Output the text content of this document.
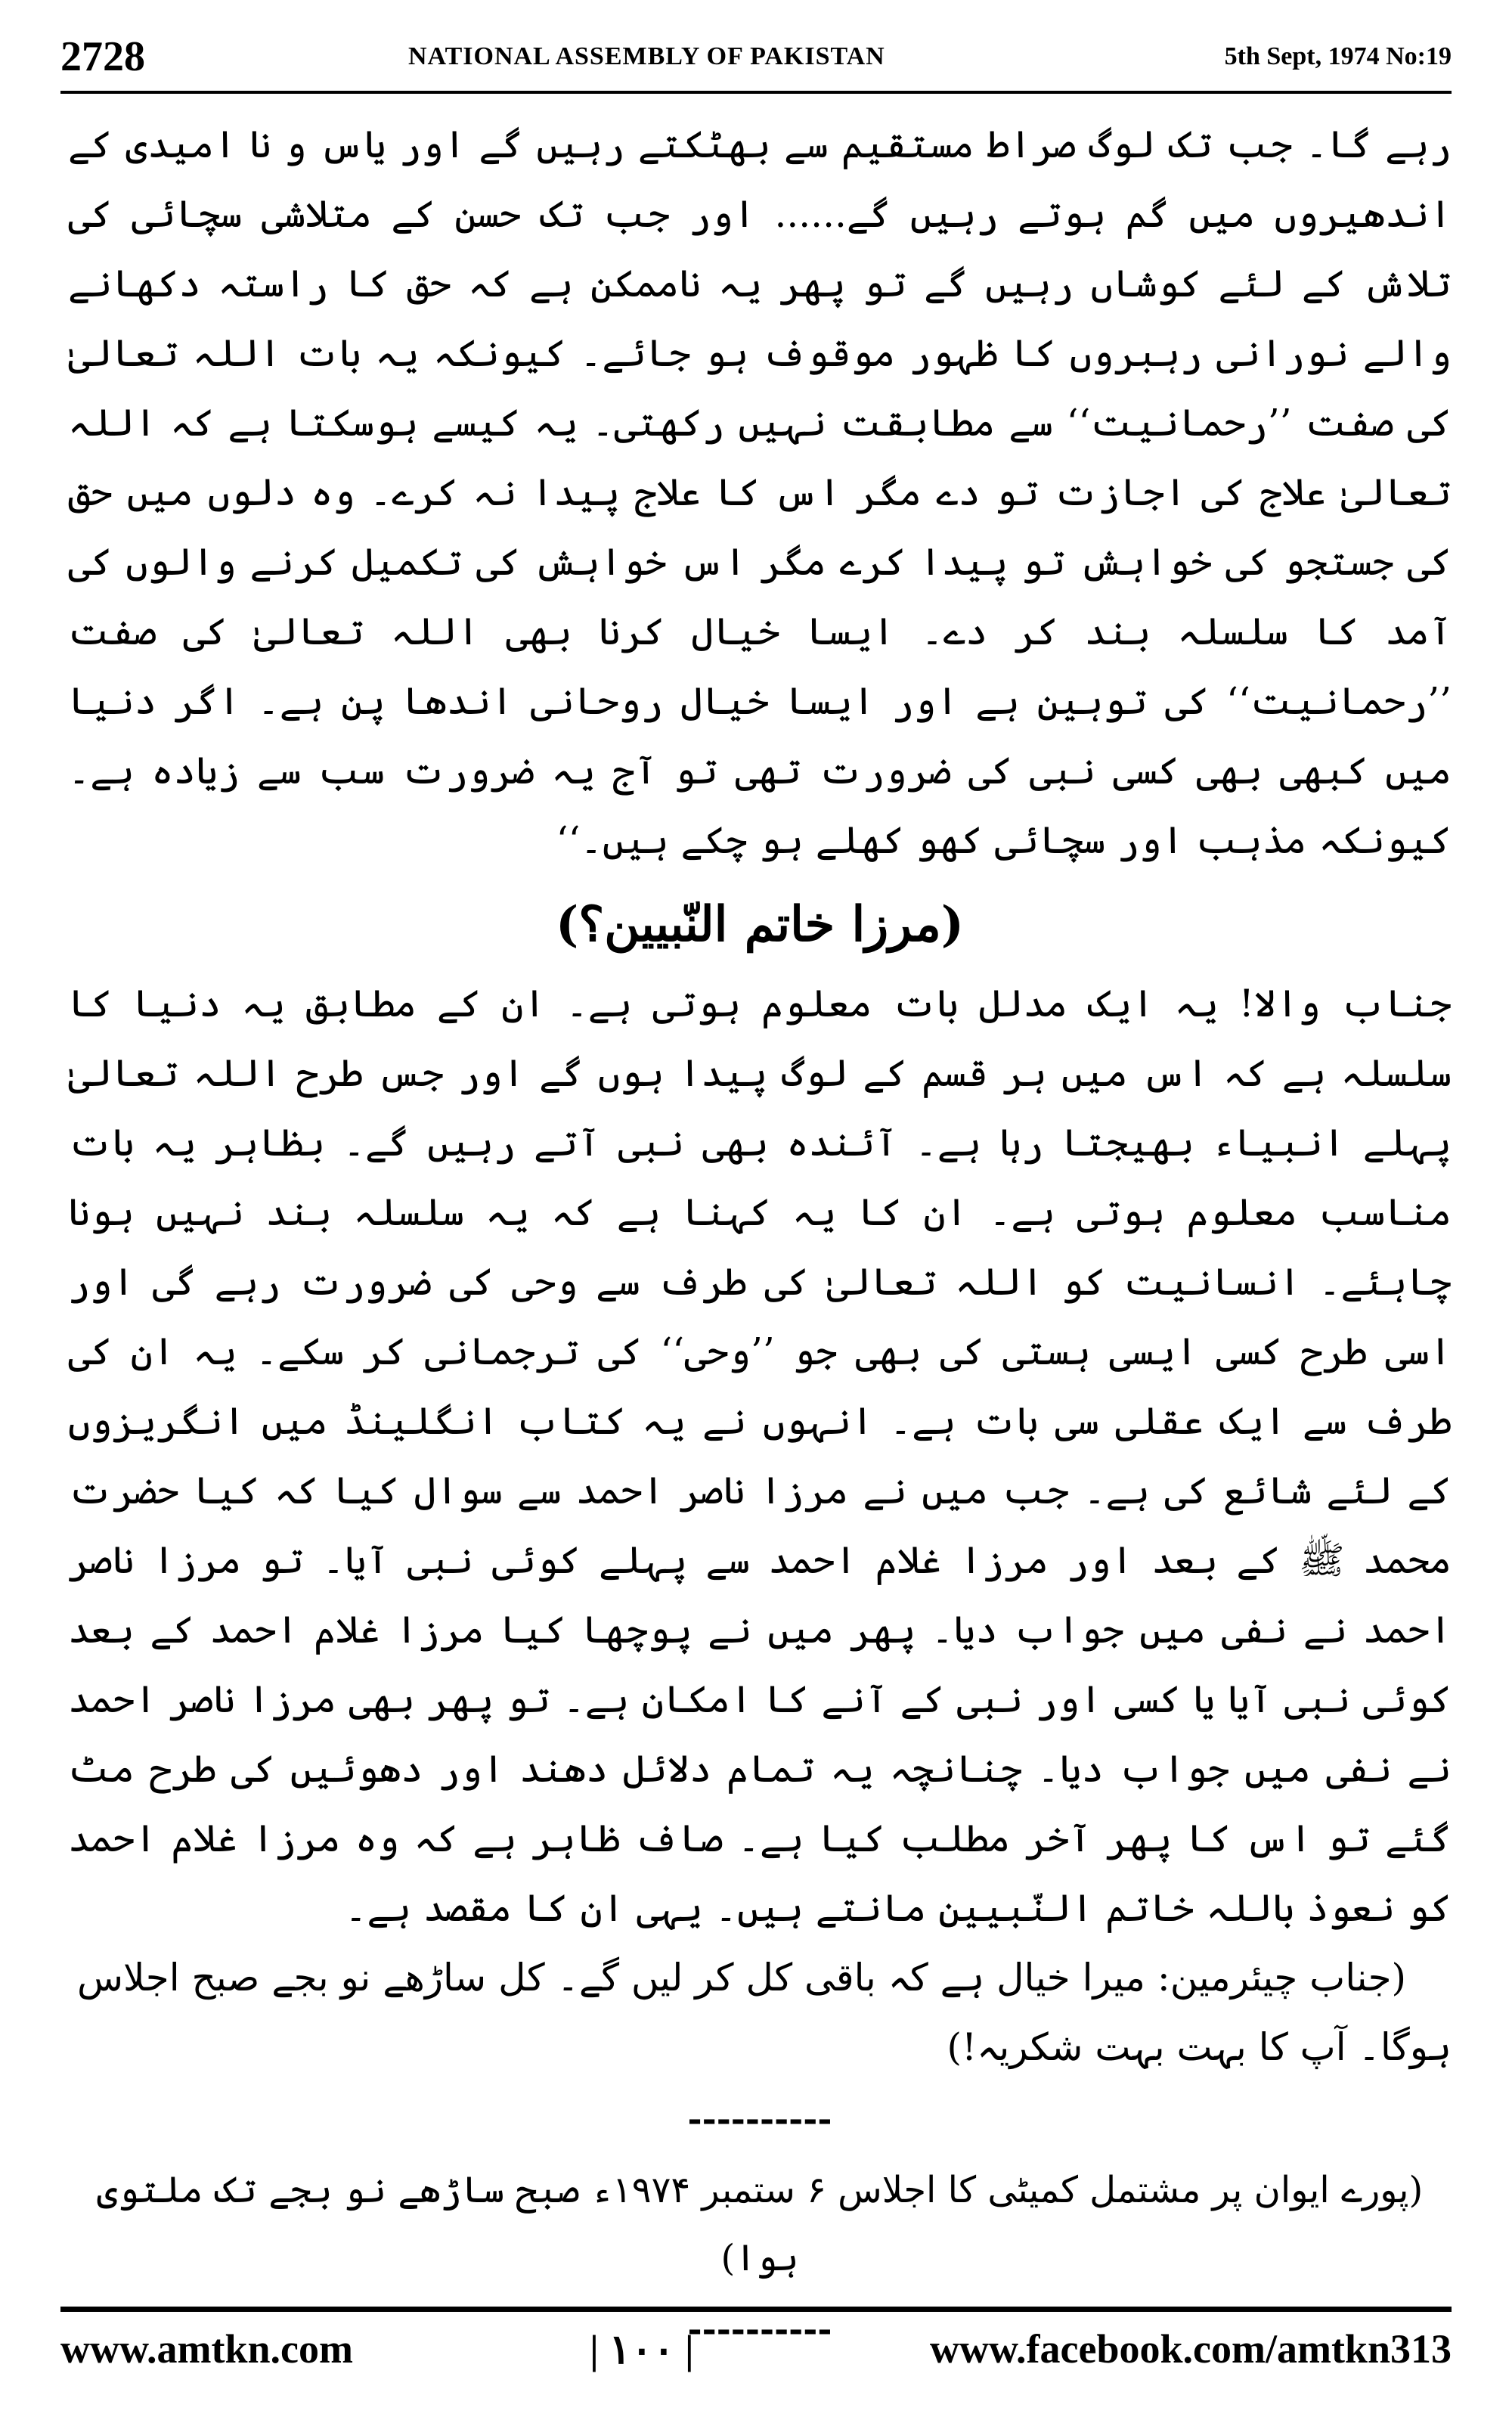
2728	NATIONAL ASSEMBLY OF PAKISTAN	5th Sept, 1974 No:19

رہے گا۔ جب تک لوگ صراط مستقیم سے بھٹکتے رہیں گے اور یاس و نا امیدی کے اندھیروں میں گم ہوتے رہیں گے...... اور جب تک حسن کے متلاشی سچائی کی تلاش کے لئے کوشاں رہیں گے تو پھر یہ ناممکن ہے کہ حق کا راستہ دکھانے والے نورانی رہبروں کا ظہور موقوف ہو جائے۔ کیونکہ یہ بات اللہ تعالیٰ کی صفت ’’رحمانیت‘‘ سے مطابقت نہیں رکھتی۔ یہ کیسے ہوسکتا ہے کہ اللہ تعالیٰ علاج کی اجازت تو دے مگر اس کا علاج پیدا نہ کرے۔ وہ دلوں میں حق کی جستجو کی خواہش تو پیدا کرے مگر اس خواہش کی تکمیل کرنے والوں کی آمد کا سلسلہ بند کر دے۔ ایسا خیال کرنا بھی اللہ تعالیٰ کی صفت ’’رحمانیت‘‘ کی توہین ہے اور ایسا خیال روحانی اندھا پن ہے۔ اگر دنیا میں کبھی بھی کسی نبی کی ضرورت تھی تو آج یہ ضرورت سب سے زیادہ ہے۔ کیونکہ مذہب اور سچائی کھو کھلے ہو چکے ہیں۔‘‘

(مرزا خاتم النّبیین؟)

جناب والا! یہ ایک مدلل بات معلوم ہوتی ہے۔ ان کے مطابق یہ دنیا کا سلسلہ ہے کہ اس میں ہر قسم کے لوگ پیدا ہوں گے اور جس طرح اللہ تعالیٰ پہلے انبیاء بھیجتا رہا ہے۔ آئندہ بھی نبی آتے رہیں گے۔ بظاہر یہ بات مناسب معلوم ہوتی ہے۔ ان کا یہ کہنا ہے کہ یہ سلسلہ بند نہیں ہونا چاہئے۔ انسانیت کو اللہ تعالیٰ کی طرف سے وحی کی ضرورت رہے گی اور اسی طرح کسی ایسی ہستی کی بھی جو ’’وحی‘‘ کی ترجمانی کر سکے۔ یہ ان کی طرف سے ایک عقلی سی بات ہے۔ انہوں نے یہ کتاب انگلینڈ میں انگریزوں کے لئے شائع کی ہے۔ جب میں نے مرزا ناصر احمد سے سوال کیا کہ کیا حضرت محمد ﷺ کے بعد اور مرزا غلام احمد سے پہلے کوئی نبی آیا۔ تو مرزا ناصر احمد نے نفی میں جواب دیا۔ پھر میں نے پوچھا کیا مرزا غلام احمد کے بعد کوئی نبی آیا یا کسی اور نبی کے آنے کا امکان ہے۔ تو پھر بھی مرزا ناصر احمد نے نفی میں جواب دیا۔ چنانچہ یہ تمام دلائل دھند اور دھوئیں کی طرح مٹ گئے تو اس کا پھر آخر مطلب کیا ہے۔ صاف ظاہر ہے کہ وہ مرزا غلام احمد کو نعوذ باللہ خاتم النّبیین مانتے ہیں۔ یہی ان کا مقصد ہے۔

(جناب چیئرمین: میرا خیال ہے کہ باقی کل کر لیں گے۔ کل ساڑھے نو بجے صبح اجلاس ہوگا۔ آپ کا بہت بہت شکریہ!)

----------

(پورے ایوان پر مشتمل کمیٹی کا اجلاس ۶ ستمبر ۱۹۷۴ء صبح ساڑھے نو بجے تک ملتوی ہوا)

----------
www.amtkn.com	| ۱۰۰ |	www.facebook.com/amtkn313
